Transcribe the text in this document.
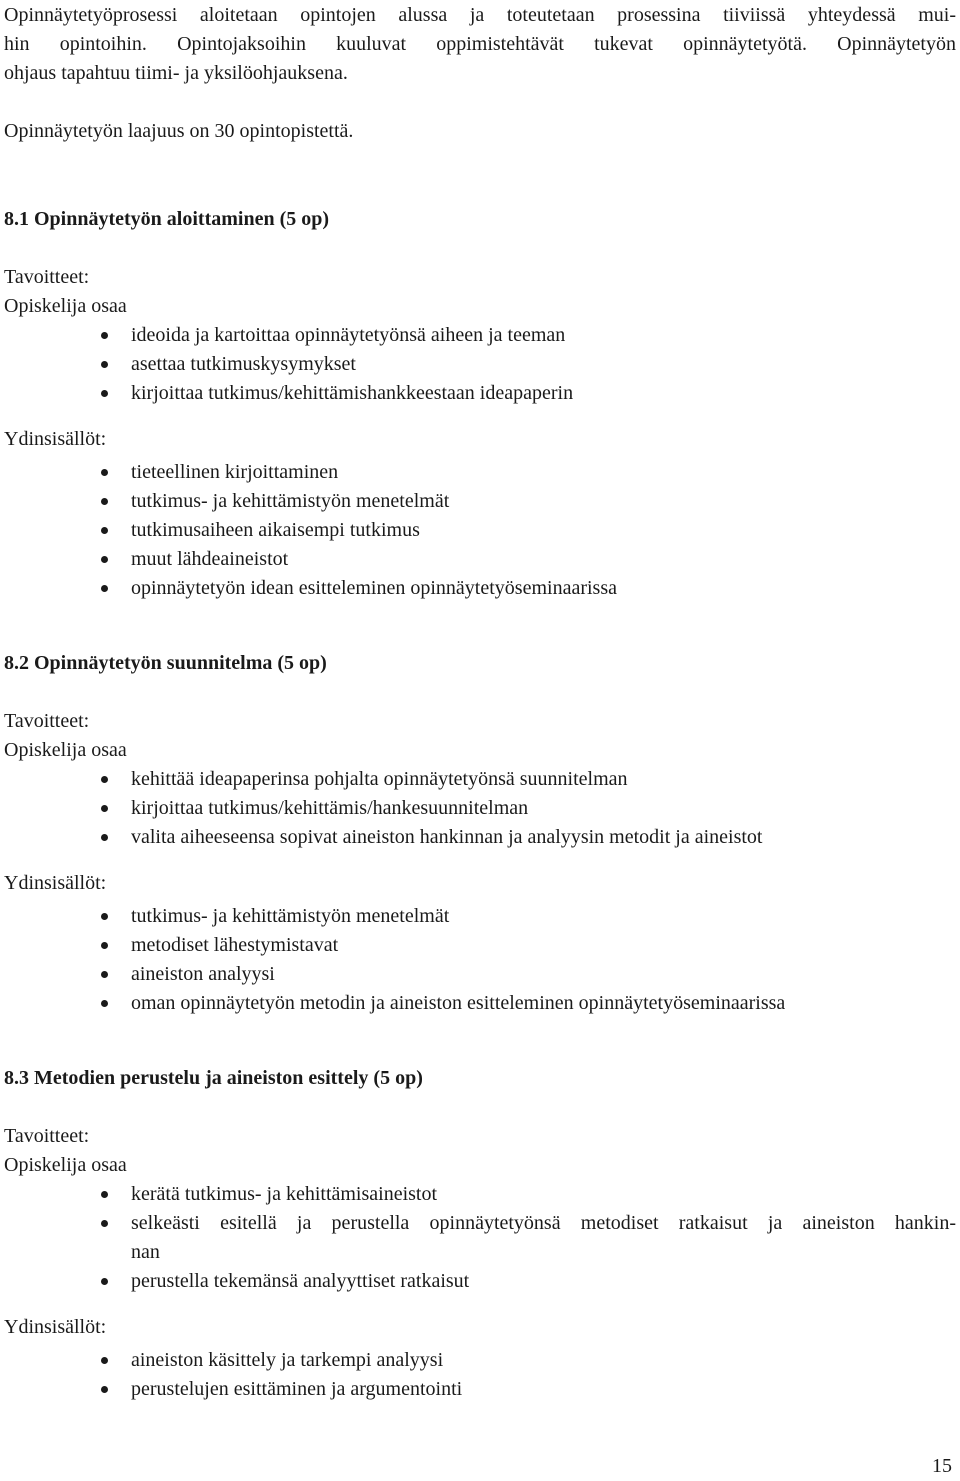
Opinnäytetyöprosessi aloitetaan opintojen alussa ja toteutetaan prosessina tiiviissä yhteydessä mui-

hin opintoihin. Opintojaksoihin kuuluvat oppimistehtävät tukevat opinnäytetyötä. Opinnäytetyön

ohjaus tapahtuu tiimi- ja yksilöohjauksena.

Opinnäytetyön laajuus on 30 opintopistettä.

8.1 Opinnäytetyön aloittaminen (5 op)

Tavoitteet:

Opiskelija osaa

ideoida ja kartoittaa opinnäytetyönsä aiheen ja teeman
asettaa tutkimuskysymykset
kirjoittaa tutkimus/kehittämishankkeestaan ideapaperin

Ydinsisällöt:

tieteellinen kirjoittaminen
tutkimus- ja kehittämistyön menetelmät
tutkimusaiheen aikaisempi tutkimus
muut lähdeaineistot
opinnäytetyön idean esitteleminen opinnäytetyöseminaarissa

8.2 Opinnäytetyön suunnitelma (5 op)

Tavoitteet:

Opiskelija osaa

kehittää ideapaperinsa pohjalta opinnäytetyönsä suunnitelman
kirjoittaa tutkimus/kehittämis/hankesuunnitelman
valita aiheeseensa sopivat aineiston hankinnan ja analyysin metodit ja aineistot

Ydinsisällöt:

tutkimus- ja kehittämistyön menetelmät
metodiset lähestymistavat
aineiston analyysi
oman opinnäytetyön metodin ja aineiston esitteleminen opinnäytetyöseminaarissa

8.3 Metodien perustelu ja aineiston esittely (5 op)

Tavoitteet:

Opiskelija osaa

kerätä tutkimus- ja kehittämisaineistot
selkeästi esitellä ja perustella opinnäytetyönsä metodiset ratkaisut ja aineiston hankin-
nan
perustella tekemänsä analyyttiset ratkaisut

Ydinsisällöt:

aineiston käsittely ja tarkempi analyysi
perustelujen esittäminen ja argumentointi
15
